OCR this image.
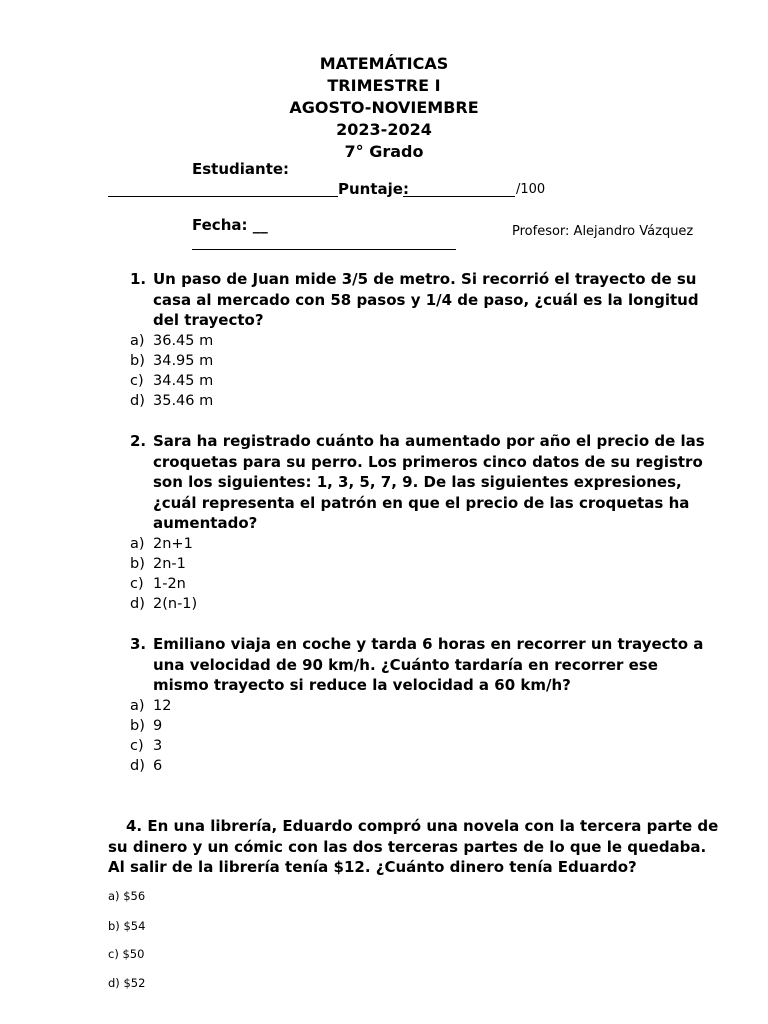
MATEMÁTICAS
TRIMESTRE I
AGOSTO-NOVIEMBRE
2023-2024
7° Grado
Estudiante:
Puntaje:	/100
Fecha: __	Profesor: Alejandro Vázquez
1. Un paso de Juan mide 3/5 de metro. Si recorrió el trayecto de su casa al mercado con 58 pasos y 1/4 de paso, ¿cuál es la longitud del trayecto?
a) 36.45 m
b) 34.95 m
c) 34.45 m
d) 35.46 m
2. Sara ha registrado cuánto ha aumentado por año el precio de las croquetas para su perro. Los primeros cinco datos de su registro son los siguientes: 1, 3, 5, 7, 9. De las siguientes expresiones, ¿cuál representa el patrón en que el precio de las croquetas ha aumentado?
a) 2n+1
b) 2n-1
c) 1-2n
d) 2(n-1)
3. Emiliano viaja en coche y tarda 6 horas en recorrer un trayecto a una velocidad de 90 km/h. ¿Cuánto tardaría en recorrer ese mismo trayecto si reduce la velocidad a 60 km/h?
a) 12
b) 9
c) 3
d) 6
4. En una librería, Eduardo compró una novela con la tercera parte de su dinero y un cómic con las dos terceras partes de lo que le quedaba. Al salir de la librería tenía $12. ¿Cuánto dinero tenía Eduardo?
a) $56
b) $54
c) $50
d) $52
